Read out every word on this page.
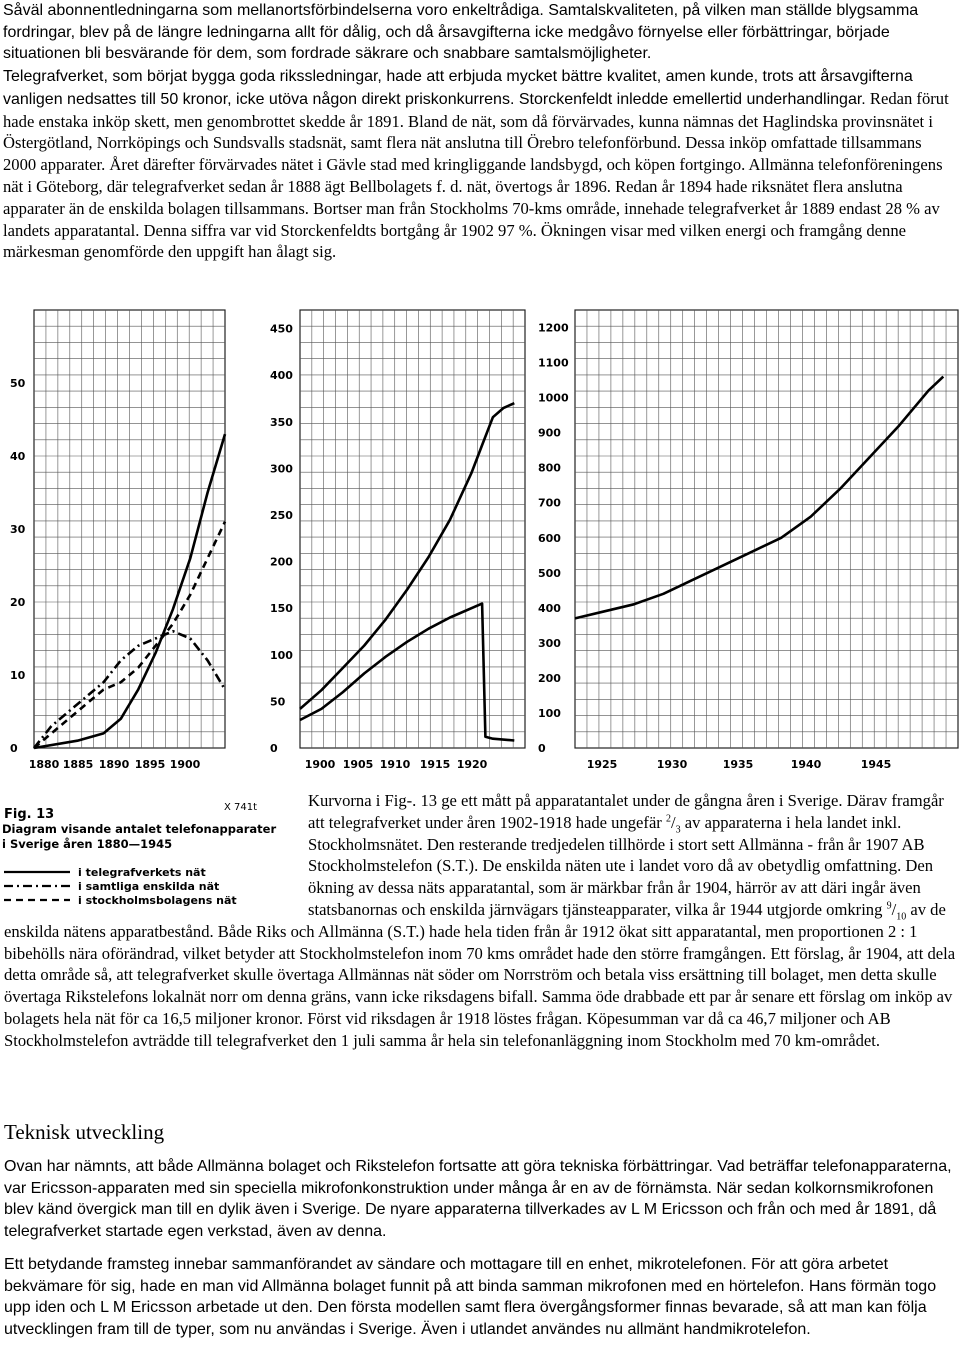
Såväl abonnentledningarna som mellanortsförbindelserna voro enkeltrådiga. Samtalskvaliteten, på vilken man ställde blygsamma fordringar, blev på de längre ledningarna allt för dålig, och då årsavgifterna icke medgåvo förnyelse eller förbättringar, började situationen bli besvärande för dem, som fordrade säkrare och snabbare samtalsmöjligheter.

Telegrafverket, som börjat bygga goda rikssledningar, hade att erbjuda mycket bättre kvalitet, amen kunde, trots att årsavgifterna vanligen nedsattes till 50 kronor, icke utöva någon direkt priskonkurrens. Storckenfeldt inledde emellertid underhandlingar. Redan förut hade enstaka inköp skett, men genombrottet skedde år 1891. Bland de nät, som då förvärvades, kunna nämnas det Haglindska provinsnätet i Östergötland, Norrköpings och Sundsvalls stadsnät, samt flera nät anslutna till Örebro telefonförbund. Dessa inköp omfattade tillsammans 2000 apparater. Året därefter förvärvades nätet i Gävle stad med kringliggande landsbygd, och köpen fortgingo. Allmänna telefonföreningens nät i Göteborg, där telegrafverket sedan år 1888 ägt Bellbolagets f. d. nät, övertogs år 1896. Redan år 1894 hade riksnätet flera anslutna apparater än de enskilda bolagen tillsammans. Bortser man från Stockholms 70-kms område, innehade telegrafverket år 1889 endast 28 % av landets apparatantal. Denna siffra var vid Storckenfeldts bortgång år 1902 97 %. Ökningen visar med vilken energi och framgång denne märkesman genomförde den uppgift han ålagt sig.

0
10
20
30
40
50
1880 1885 1890 1895 1900
0
50
100
150
200
250
300
350
400
450
1900 1905 1910 1915 1920
0
100
200
300
400
500
600
700
800
900
1000
1100
1200
1925	1930	1935	1940	1945
Fig. 13	X 741t
Diagram visande antalet telefonapparater i Sverige åren 1880—1945
i telegrafverkets nät
i samtliga enskilda nät
i stockholmsbolagens nät

Kurvorna i Fig-. 13 ge ett mått på apparatantalet under de gångna åren i Sverige. Därav framgår att telegrafverket under åren 1902-1918 hade ungefär $^2/_3$ av apparaterna i hela landet inkl. Stockholmsnätet. Den resterande tredjedelen tillhörde i stort sett Allmänna - från år 1907 AB Stockholmstelefon (S.T.). De enskilda näten ute i landet voro då av obetydlig omfattning. Den ökning av dessa näts apparatantal, som är märkbar från år 1904, härrör av att däri ingår även statsbanornas och enskilda järnvägars tjänsteapparater, vilka år 1944 utgjorde omkring $^9/_{10}$ av de enskilda nätens apparatbestånd. Både Riks och Allmänna (S.T.) hade hela tiden från år 1912 ökat sitt apparatantal, men proportionen 2 : 1 bibehölls nära oförändrad, vilket betyder att Stockholmstelefon inom 70 kms området hade den större framgången. Ett förslag, år 1904, att dela detta område så, att telegrafverket skulle övertaga Allmännas nät söder om Norrström och betala viss ersättning till bolaget, men detta skulle övertaga Rikstelefons lokalnät norr om denna gräns, vann icke riksdagens bifall. Samma öde drabbade ett par år senare ett förslag om inköp av bolagets hela nät för ca 16,5 miljoner kronor. Först vid riksdagen år 1918 löstes frågan. Köpesumman var då ca 46,7 miljoner och AB Stockholmstelefon avträdde till telegrafverket den 1 juli samma år hela sin telefonanläggning inom Stockholm med 70 km-området.

Teknisk utveckling

Ovan har nämnts, att både Allmänna bolaget och Rikstelefon fortsatte att göra tekniska förbättringar. Vad beträffar telefonapparaterna, var Ericsson-apparaten med sin speciella mikrofonkonstruktion under många år en av de förnämsta. När sedan kolkornsmikrofonen blev känd övergick man till en dylik även i Sverige. De nyare apparaterna tillverkades av L M Ericsson och från och med år 1891, då telegrafverket startade egen verkstad, även av denna.

Ett betydande framsteg innebar sammanförandet av sändare och mottagare till en enhet, mikrotelefonen. För att göra arbetet bekvämare för sig, hade en man vid Allmänna bolaget funnit på att binda samman mikrofonen med en hörtelefon. Hans förmän togo upp iden och L M Ericsson arbetade ut den. Den första modellen samt flera övergångsformer finnas bevarade, så att man kan följa utvecklingen fram till de typer, som nu användas i Sverige. Även i utlandet användes nu allmänt handmikrotelefon.
